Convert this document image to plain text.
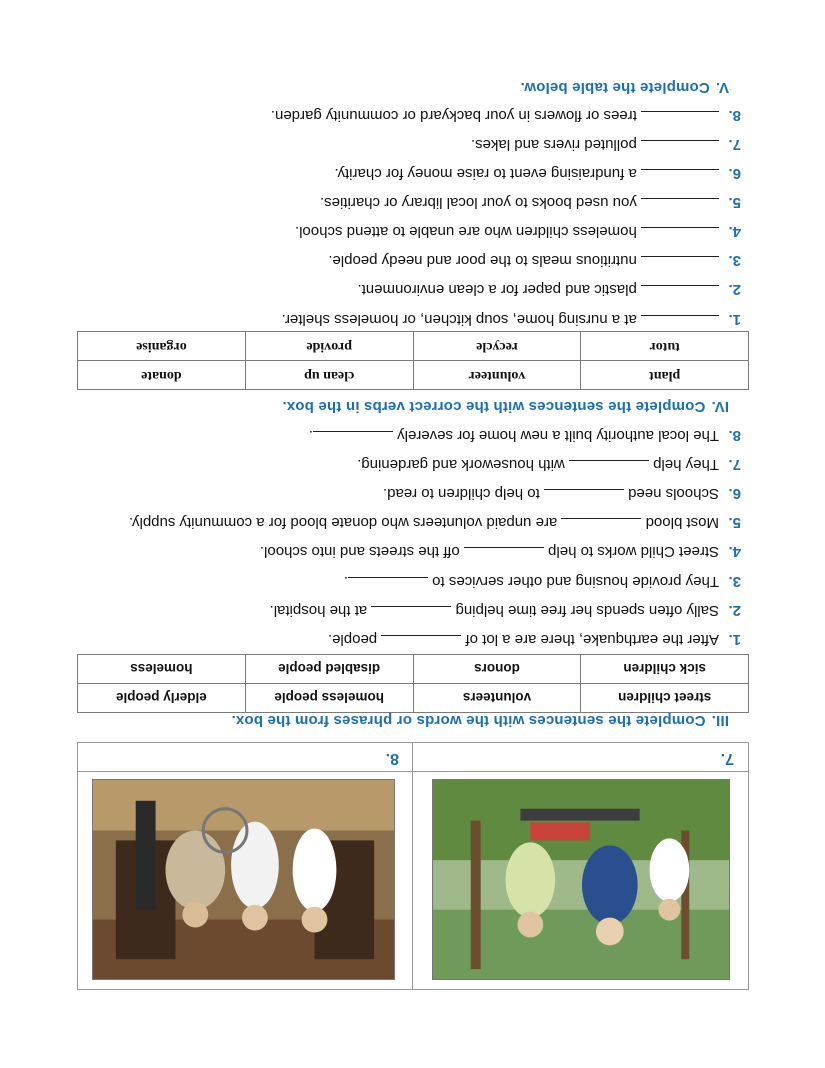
7.
8.
III.Complete the sentences with the words or phrases from the box.
street children	volunteers	homeless people	elderly people
sick children	donors	disabled people	homeless
1.After the earthquake, there are a lot of  people.
2.Sally often spends her free time helping  at the hospital.
3.They provide housing and other services to .
4.Street Child works to help  off the streets and into school.
5.Most blood  are unpaid volunteers who donate blood for a community supply.
6.Schools need  to help children to read.
7.They help  with housework and gardening.
8.The local authority built a new home for severely .
IV.Complete the sentences with the correct verbs in the box.
plant	volunteer	clean up	donate
tutor	recycle	provide	organise
1. at a nursing home, soup kitchen, or homeless shelter.
2. plastic and paper for a clean environment.
3. nutritious meals to the poor and needy people.
4. homeless children who are unable to attend school.
5. you used books to your local library or charities.
6. a fundraising event to raise money for charity.
7. polluted rivers and lakes.
8. trees or flowers in your backyard or community garden.
V.Complete the table below.
